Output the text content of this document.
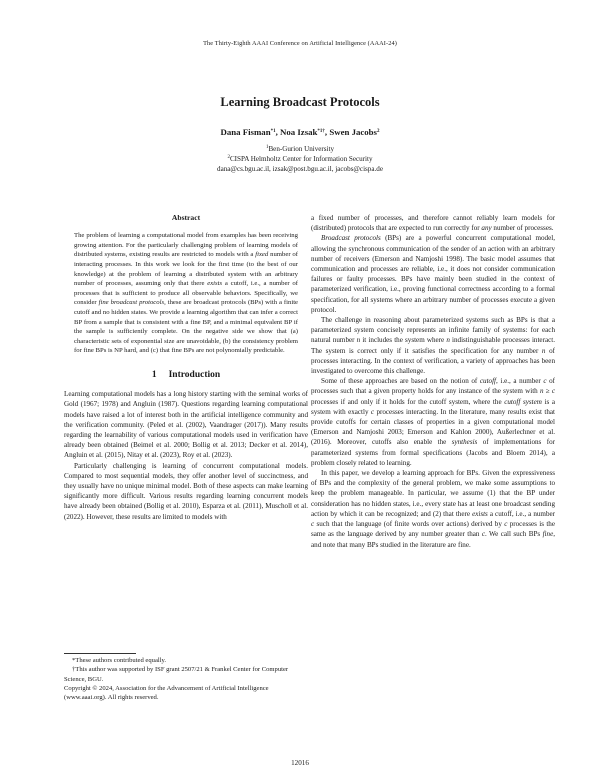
The Thirty-Eighth AAAI Conference on Artificial Intelligence (AAAI-24)
Learning Broadcast Protocols
Dana Fisman$^{*1}$, Noa Izsak$^{*1\dagger}$, Swen Jacobs$^2$
$^1$Ben-Gurion University
$^2$CISPA Helmholtz Center for Information Security
dana@cs.bgu.ac.il, izsak@post.bgu.ac.il, jacobs@cispa.de
Abstract
The problem of learning a computational model from examples has been receiving growing attention. For the particularly challenging problem of learning models of distributed systems, existing results are restricted to models with a fixed number of interacting processes. In this work we look for the first time (to the best of our knowledge) at the problem of learning a distributed system with an arbitrary number of processes, assuming only that there exists a cutoff, i.e., a number of processes that is sufficient to produce all observable behaviors. Specifically, we consider fine broadcast protocols, these are broadcast protocols (BPs) with a finite cutoff and no hidden states. We provide a learning algorithm that can infer a correct BP from a sample that is consistent with a fine BP, and a minimal equivalent BP if the sample is sufficiently complete. On the negative side we show that (a) characteristic sets of exponential size are unavoidable, (b) the consistency problem for fine BPs is NP hard, and (c) that fine BPs are not polynomially predictable.
1 Introduction

Learning computational models has a long history starting with the seminal works of Gold (1967; 1978) and Angluin (1987). Questions regarding learning computational models have raised a lot of interest both in the artificial intelligence community and the verification community. (Peled et al. (2002), Vaandrager (2017)). Many results regarding the learnability of various computational models used in verification have already been obtained (Beimel et al. 2000; Bollig et al. 2013; Decker et al. 2014), Angluin et al. (2015), Nitay et al. (2023), Roy et al. (2023).

Particularly challenging is learning of concurrent computational models. Compared to most sequential models, they offer another level of succinctness, and they usually have no unique minimal model. Both of these aspects can make learning significantly more difficult. Various results regarding learning concurrent models have already been obtained (Bollig et al. 2010), Esparza et al. (2011), Muscholl et al. (2022). However, these results are limited to models with

a fixed number of processes, and therefore cannot reliably learn models for (distributed) protocols that are expected to run correctly for any number of processes.

Broadcast protocols (BPs) are a powerful concurrent computational model, allowing the synchronous communication of the sender of an action with an arbitrary number of receivers (Emerson and Namjoshi 1998). The basic model assumes that communication and processes are reliable, i.e., it does not consider communication failures or faulty processes. BPs have mainly been studied in the context of parameterized verification, i.e., proving functional correctness according to a formal specification, for all systems where an arbitrary number of processes execute a given protocol.

The challenge in reasoning about parameterized systems such as BPs is that a parameterized system concisely represents an infinite family of systems: for each natural number n it includes the system where n indistinguishable processes interact. The system is correct only if it satisfies the specification for any number n of processes interacting. In the context of verification, a variety of approaches has been investigated to overcome this challenge.

Some of these approaches are based on the notion of cutoff, i.e., a number c of processes such that a given property holds for any instance of the system with n ≥ c processes if and only if it holds for the cutoff system, where the cutoff system is a system with exactly c processes interacting. In the literature, many results exist that provide cutoffs for certain classes of properties in a given computational model (Emerson and Namjoshi 2003; Emerson and Kahlon 2000), Außerlechner et al. (2016). Moreover, cutoffs also enable the synthesis of implementations for parameterized systems from formal specifications (Jacobs and Bloem 2014), a problem closely related to learning.

In this paper, we develop a learning approach for BPs. Given the expressiveness of BPs and the complexity of the general problem, we make some assumptions to keep the problem manageable. In particular, we assume (1) that the BP under consideration has no hidden states, i.e., every state has at least one broadcast sending action by which it can be recognized; and (2) that there exists a cutoff, i.e., a number c such that the language (of finite words over actions) derived by c processes is the same as the language derived by any number greater than c. We call such BPs fine, and note that many BPs studied in the literature are fine.

*These authors contributed equally.

†This author was supported by ISF grant 2507/21 & Frankel Center for Computer Science, BGU.

Copyright © 2024, Association for the Advancement of Artificial Intelligence (www.aaai.org). All rights reserved.

12016
